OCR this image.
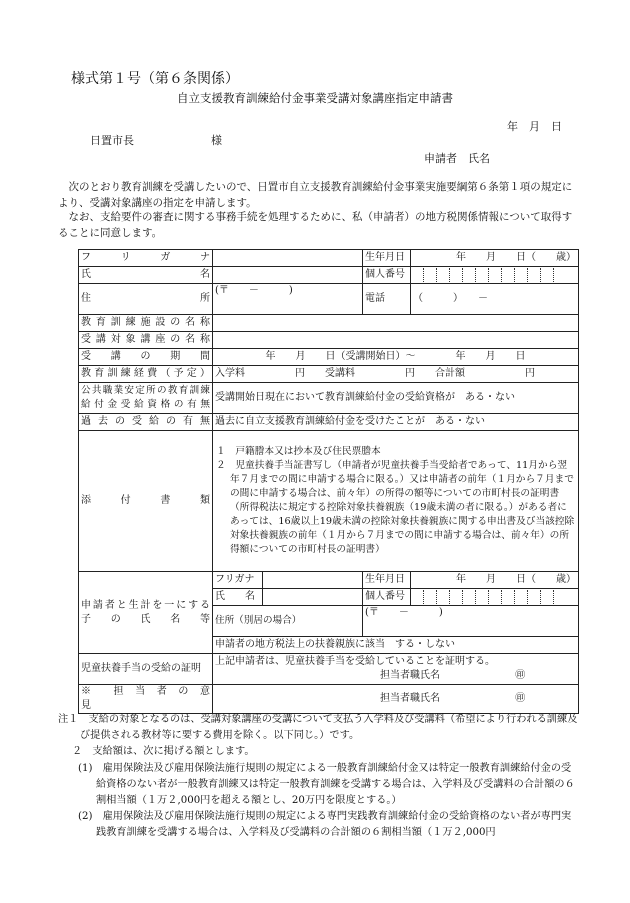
様式第１号（第６条関係）
自立支援教育訓練給付金事業受講対象講座指定申請書
年　月　日
日置市長　　　　　　　様
申請者　氏名

次のとおり教育訓練を受講したいので、日置市自立支援教育訓練給付金事業実施要綱第６条第１項の規定により、受講対象講座の指定を申請します。

なお、支給要件の審査に関する事務手続を処理するために、私（申請者）の地方税関係情報について取得することに同意します。

フ　リ　ガ　ナ			生年月日	年　　月　　日（　　歳）
氏　　　　　　　名			個人番号	
住　　　　　　　所	(〒　　－　　　)		電話	（　　　）　　－
教育訓練施設の名称				
受講対象講座の名称				
受　講　の　期　間	年　　月　　日（受講開始日）～　　　　年　　月　　日			
教育訓練経費（予定）	入学料　　　　　円　　受講料　　　　　円　　合計額　　　　　　円			

公共職業安定所の教育訓練
給付金受給資格の有無	受講開始日現在において教育訓練給付金の受給資格が　ある・ない			
過去の受給の有無	過去に自立支援教育訓練給付金を受けたことが　ある・ない			
添　　付　　書　　類	１　戸籍謄本又は抄本及び住民票謄本
２　児童扶養手当証書写し（申請者が児童扶養手当受給者であって、11月から翌年７月までの間に申請する場合に限る。）又は申請者の前年（１月から７月までの間に申請する場合は、前々年）の所得の額等についての市町村長の証明書（所得税法に規定する控除対象扶養親族（19歳未満の者に限る。）がある者にあっては、16歳以上19歳未満の控除対象扶養親族に関する申出書及び当該控除対象扶養親族の前年（１月から７月までの間に申請する場合は、前々年）の所得額についての市町村長の証明書）			

申請者と生計を一にする
子　の　氏　名　等	フリガナ		生年月日	年　　月　　日（　　歳）
	氏　　名		個人番号	
	住所（別居の場合）		(〒　　－　　　)	
	申請者の地方税法上の扶養親族に該当　する・しない			
児童扶養手当の受給の証明	上記申請者は、児童扶養手当を受給していることを証明する。
担当者職氏名 ㊞			

※　　担　当　者　の　意　見	担当者職氏名 ㊞			
注１　支給の対象となるのは、受講対象講座の受講について支払う入学料及び受講料（希望により行われる訓練及び提供される教材等に要する費用を除く。以下同じ。）です。
２　支給額は、次に掲げる額とします。
(1)　雇用保険法及び雇用保険法施行規則の規定による一般教育訓練給付金又は特定一般教育訓練給付金の受給資格のない者が一般教育訓練又は特定一般教育訓練を受講する場合は、入学料及び受講料の合計額の６割相当額（１万２,000円を超える額とし、20万円を限度とする。）
(2)　雇用保険法及び雇用保険法施行規則の規定による専門実践教育訓練給付金の受給資格のない者が専門実践教育訓練を受講する場合は、入学料及び受講料の合計額の６割相当額（１万２,000円
